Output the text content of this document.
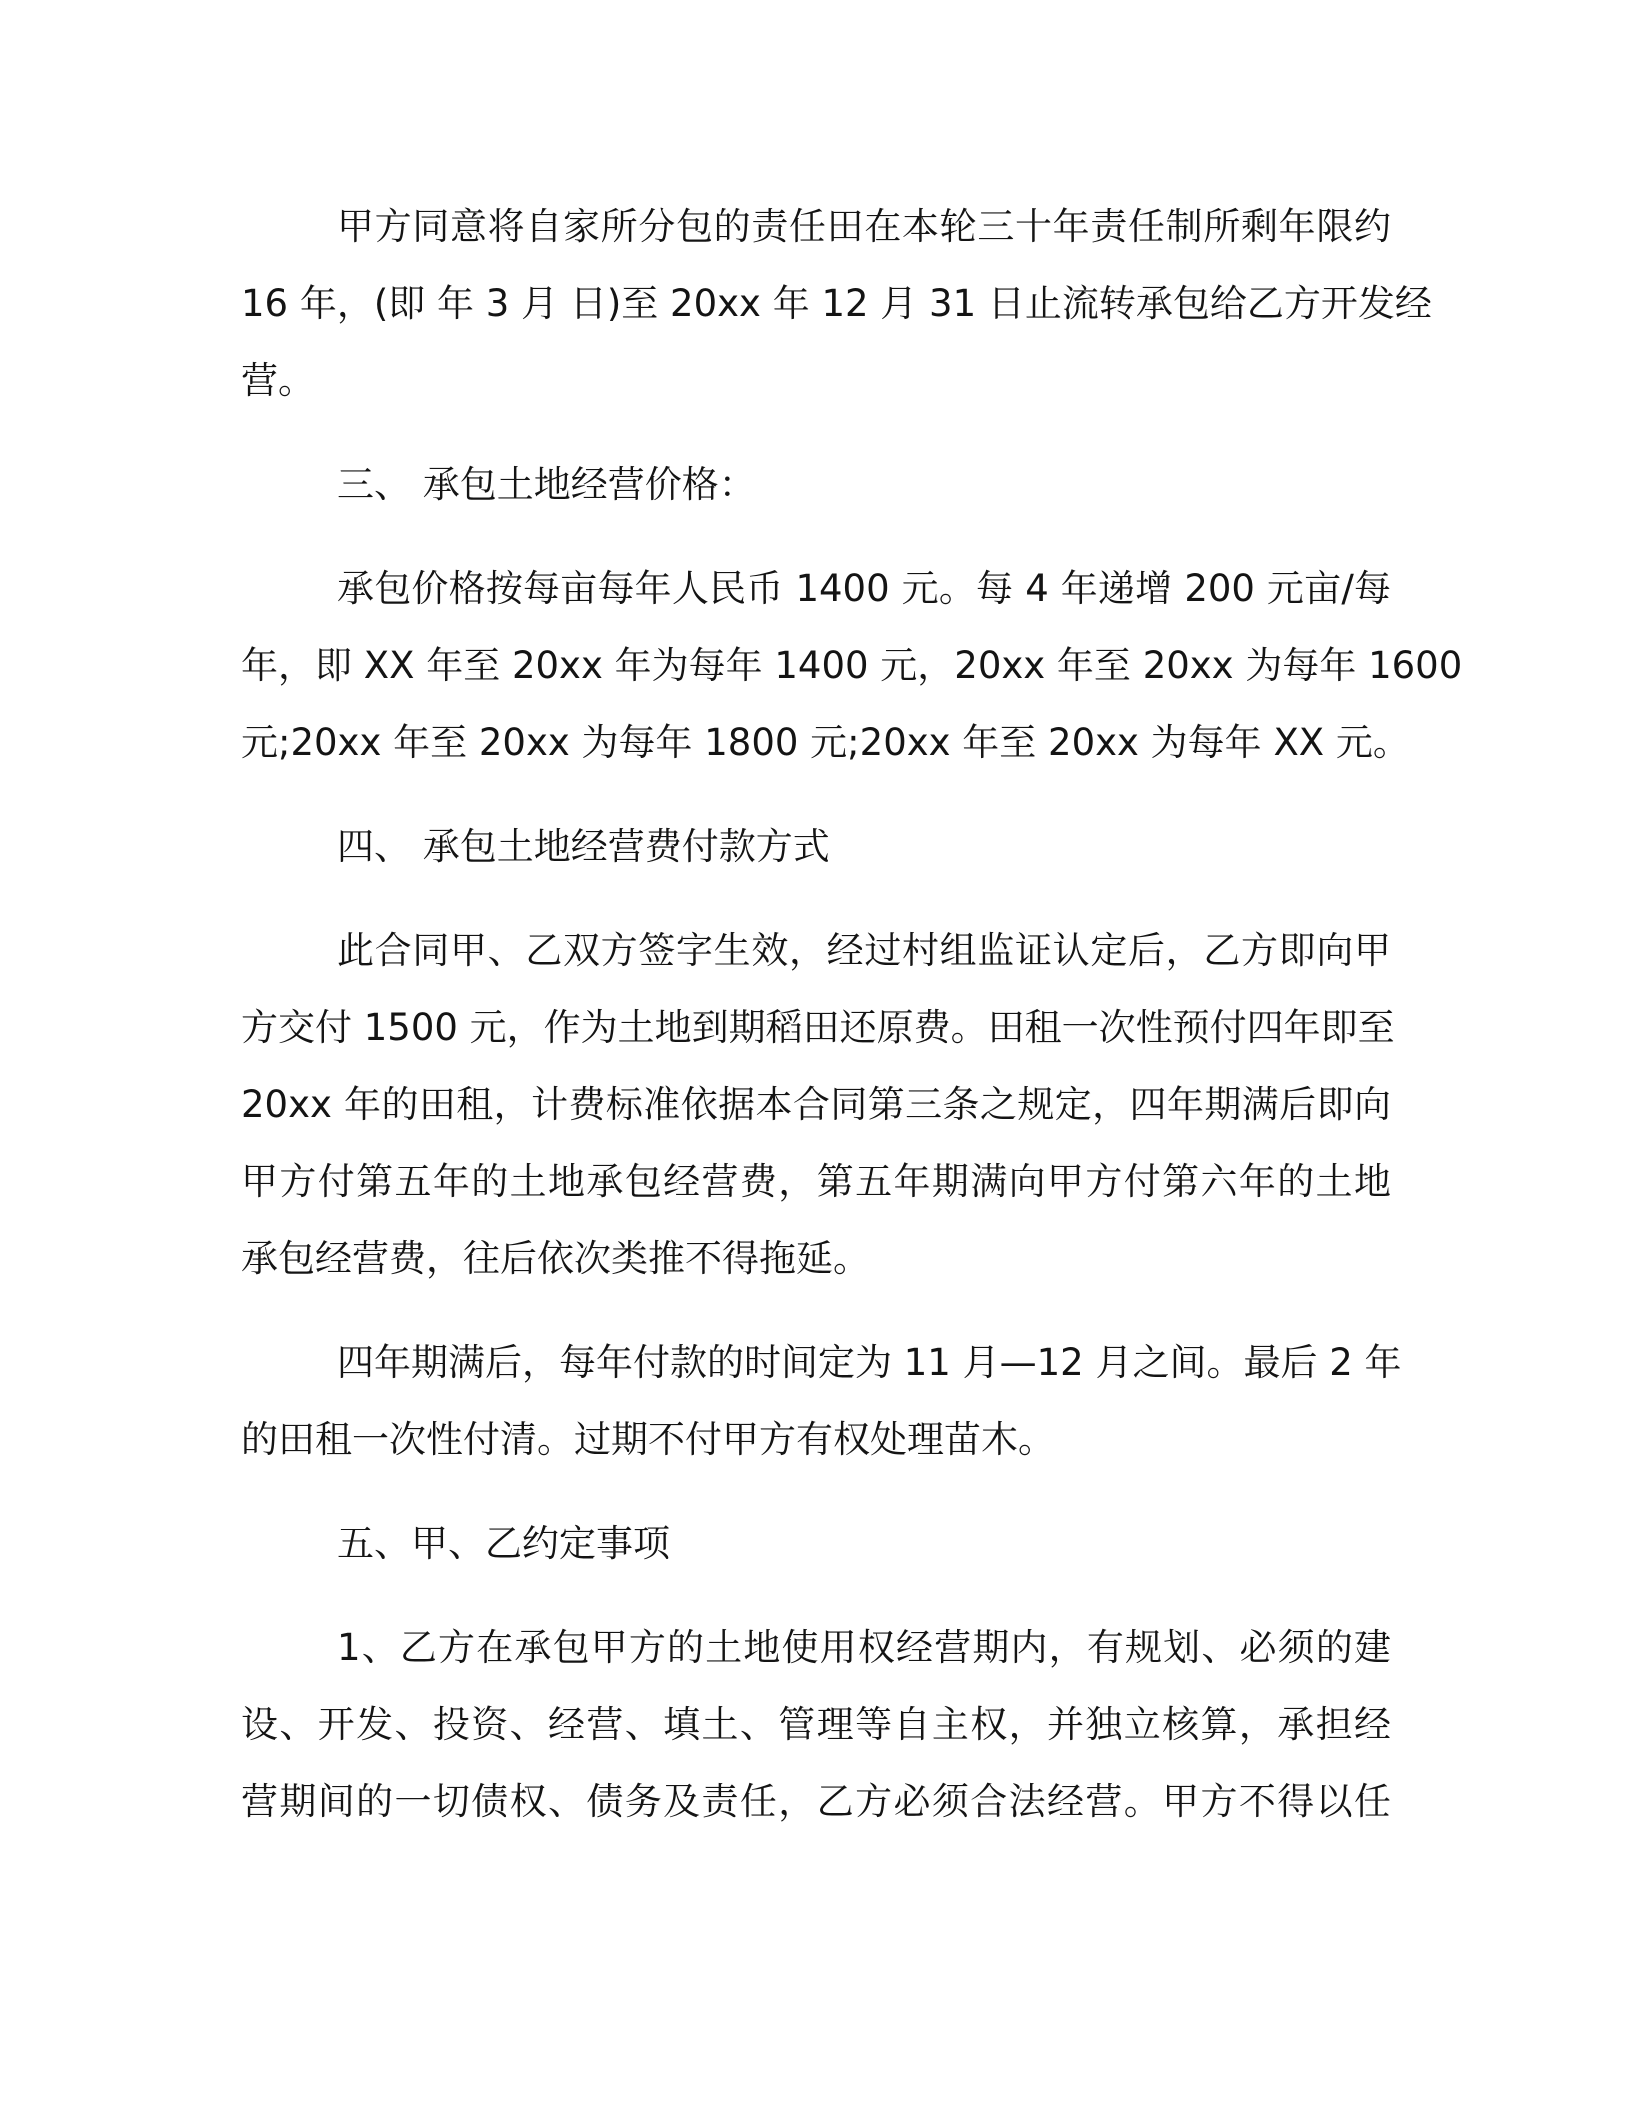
甲方同意将自家所分包的责任田在本轮三十年责任制所剩年限约
16 年，(即 年 3 月 日)至 20xx 年 12 月 31 日止流转承包给乙方开发经
营。
三、 承包土地经营价格：
承包价格按每亩每年人民币 1400 元。每 4 年递增 200 元亩/每
年，即 XX 年至 20xx 年为每年 1400 元，20xx 年至 20xx 为每年 1600
元;20xx 年至 20xx 为每年 1800 元;20xx 年至 20xx 为每年 XX 元。
四、 承包土地经营费付款方式
此合同甲、乙双方签字生效，经过村组监证认定后，乙方即向甲
方交付 1500 元，作为土地到期稻田还原费。田租一次性预付四年即至
20xx 年的田租，计费标准依据本合同第三条之规定，四年期满后即向
甲方付第五年的土地承包经营费，第五年期满向甲方付第六年的土地
承包经营费，往后依次类推不得拖延。
四年期满后，每年付款的时间定为 11 月—12 月之间。最后 2 年
的田租一次性付清。过期不付甲方有权处理苗木。
五、甲、乙约定事项
1、乙方在承包甲方的土地使用权经营期内，有规划、必须的建
设、开发、投资、经营、填土、管理等自主权，并独立核算，承担经
营期间的一切债权、债务及责任，乙方必须合法经营。甲方不得以任
